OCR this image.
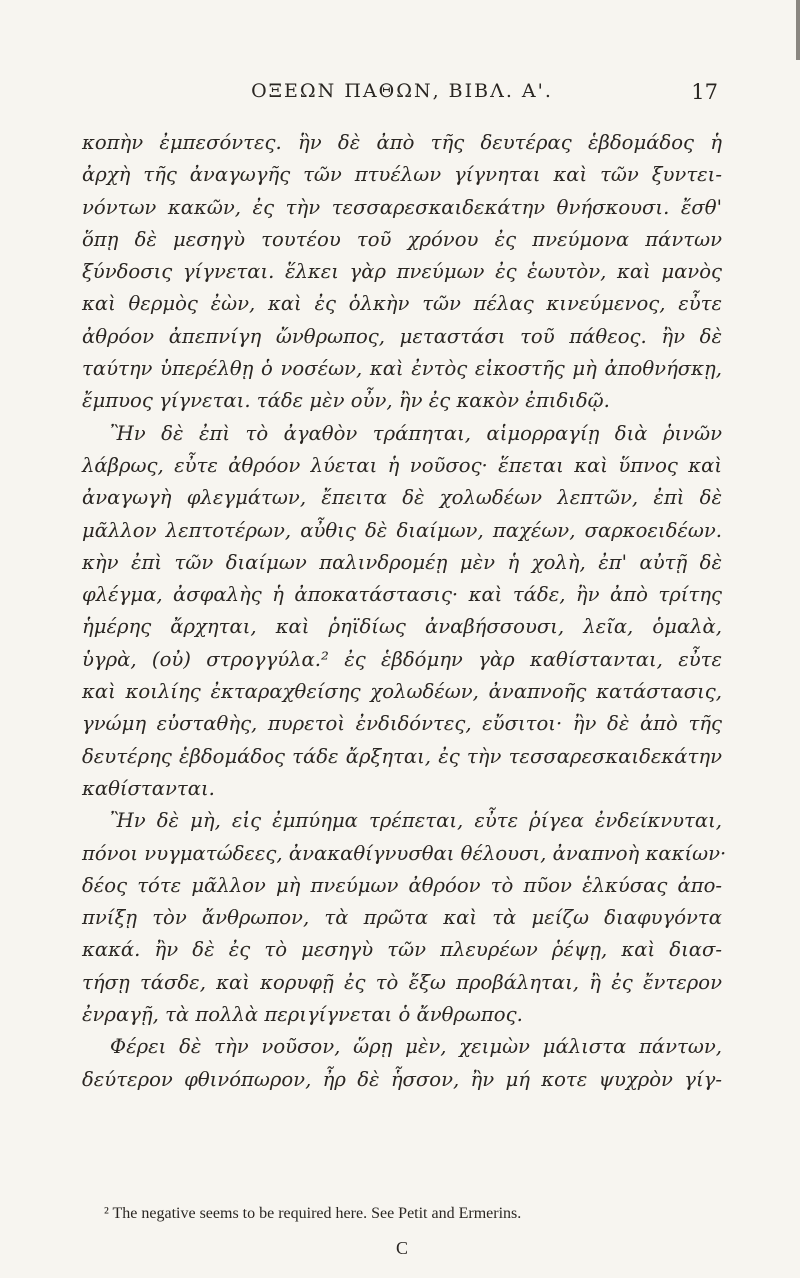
ΟΞΕΩΝ ΠΑΘΩΝ, ΒΙΒΛ. Α'.	17
κοπὴν ἐμπεσόντες. ἣν δὲ ἀπὸ τῆς δευτέρας ἑβδομάδος ἡ
ἀρχὴ τῆς ἀναγωγῆς τῶν πτυέλων γίγνηται καὶ τῶν ξυντει-
νόντων κακῶν, ἐς τὴν τεσσαρεσκαιδεκάτην θνήσκουσι. ἔσθ'
ὅπῃ δὲ μεσηγὺ τουτέου τοῦ χρόνου ἐς πνεύμονα πάντων
ξύνδοσις γίγνεται. ἕλκει γὰρ πνεύμων ἐς ἑωυτὸν, καὶ μανὸς
καὶ θερμὸς ἐὼν, καὶ ἐς ὁλκὴν τῶν πέλας κινεύμενος, εὖτε
ἀθρόον ἀπεπνίγη ὤνθρωπος, μεταστάσι τοῦ πάθεος. ἢν δὲ
ταύτην ὑπερέλθῃ ὁ νοσέων, καὶ ἐντὸς εἰκοστῆς μὴ ἀποθνήσκῃ,
ἔμπυος γίγνεται. τάδε μὲν οὖν, ἢν ἐς κακὸν ἐπιδιδῷ.
Ἢν δὲ ἐπὶ τὸ ἀγαθὸν τράπηται, αἱμορραγίῃ διὰ ῥινῶν
λάβρως, εὖτε ἀθρόον λύεται ἡ νοῦσος· ἕπεται καὶ ὕπνος καὶ
ἀναγωγὴ φλεγμάτων, ἔπειτα δὲ χολωδέων λεπτῶν, ἐπὶ δὲ
μᾶλλον λεπτοτέρων, αὖθις δὲ διαίμων, παχέων, σαρκοειδέων.
κὴν ἐπὶ τῶν διαίμων παλινδρομέῃ μὲν ἡ χολὴ, ἐπ' αὐτῇ δὲ
φλέγμα, ἀσφαλὴς ἡ ἀποκατάστασις· καὶ τάδε, ἢν ἀπὸ τρίτης
ἡμέρης ἄρχηται, καὶ ῥηϊδίως ἀναβήσσουσι, λεῖα, ὁμαλὰ,
ὑγρὰ, (οὐ) στρογγύλα.² ἐς ἑβδόμην γὰρ καθίστανται, εὖτε
καὶ κοιλίης ἐκταραχθείσης χολωδέων, ἀναπνοῆς κατάστασις,
γνώμη εὐσταθὴς, πυρετοὶ ἐνδιδόντες, εὔσιτοι· ἢν δὲ ἀπὸ τῆς
δευτέρης ἑβδομάδος τάδε ἄρξηται, ἐς τὴν τεσσαρεσκαιδεκάτην
καθίστανται.
Ἢν δὲ μὴ, εἰς ἐμπύημα τρέπεται, εὖτε ῥίγεα ἐνδείκνυται,
πόνοι νυγματώδεες, ἀνακαθίγνυσθαι θέλουσι, ἀναπνοὴ κακίων·
δέος τότε μᾶλλον μὴ πνεύμων ἀθρόον τὸ πῦον ἑλκύσας ἀπο-
πνίξῃ τὸν ἄνθρωπον, τὰ πρῶτα καὶ τὰ μείζω διαφυγόντα
κακά. ἢν δὲ ἐς τὸ μεσηγὺ τῶν πλευρέων ῥέψῃ, καὶ διασ-
τήσῃ τάσδε, καὶ κορυφῇ ἐς τὸ ἔξω προβάληται, ἢ ἐς ἔντερον
ἐνραγῇ, τὰ πολλὰ περιγίγνεται ὁ ἄνθρωπος.
Φέρει δὲ τὴν νοῦσον, ὥρῃ μὲν, χειμὼν μάλιστα πάντων,
δεύτερον φθινόπωρον, ἦρ δὲ ἧσσον, ἢν μή κοτε ψυχρὸν γίγ-
² The negative seems to be required here. See Petit and Ermerins.
C
